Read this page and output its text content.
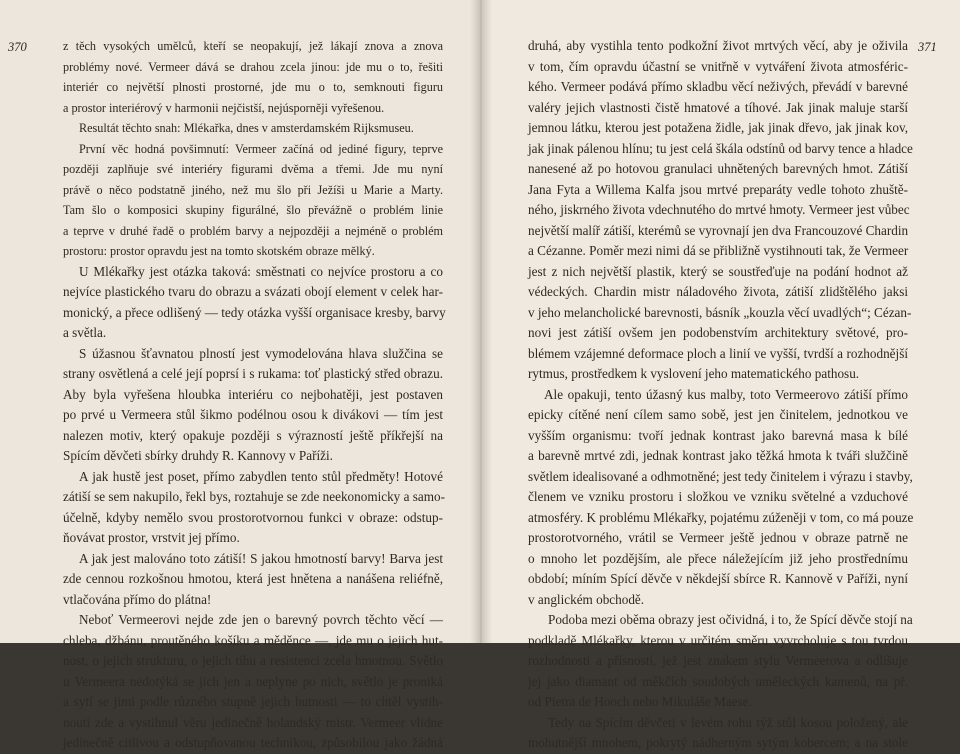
370	z těch vysokých umělců, kteří se neopakují, jež lákají znova a znova
problémy nové. Vermeer dává se drahou zcela jinou: jde mu o to, řešiti
interiér co největší plnosti prostorné, jde mu o to, semknouti figuru
a prostor interiérový v harmonii nejčistší, nejúsporněji vyřešenou.
Resultát těchto snah: Mlékařka, dnes v amsterdamském Rijksmuseu.
První věc hodná povšimnutí: Vermeer začíná od jediné figury, teprve
později zaplňuje své interiéry figurami dvěma a třemi. Jde mu nyní
právě o něco podstatně jiného, než mu šlo při Ježíši u Marie a Marty.
Tam šlo o komposici skupiny figurálné, šlo převážně o problém linie
a teprve v druhé řadě o problém barvy a nejpozději a nejméně o problém
prostoru: prostor opravdu jest na tomto skotském obraze mělký.
U Mlékařky jest otázka taková: směstnati co nejvíce prostoru a co
nejvíce plastického tvaru do obrazu a svázati obojí element v celek har-
monický, a přece odlišený — tedy otázka vyšší organisace kresby, barvy
a světla.
S úžasnou šťavnatou plností jest vymodelována hlava služčina se
strany osvětlená a celé její poprsí i s rukama: toť plastický střed obrazu.
Aby byla vyřešena hloubka interiéru co nejbohatěji, jest postaven
po prvé u Vermeera stůl šikmo podélnou osou k divákovi — tím jest
nalezen motiv, který opakuje později s výrazností ještě příkřejší na
Spícím děvčeti sbírky druhdy R. Kannovy v Paříži.
A jak hustě jest poset, přímo zabydlen tento stůl předměty! Hotové
zátiší se sem nakupilo, řekl bys, roztahuje se zde neekonomicky a samo-
účelně, kdyby nemělo svou prostorotvornou funkci v obraze: odstup-
ňovávat prostor, vrstvit jej přímo.
A jak jest malováno toto zátiší! S jakou hmotností barvy! Barva jest
zde cennou rozkošnou hmotou, která jest hnětena a nanášena reliéfně,
vtlačována přímo do plátna!
Neboť Vermeerovi nejde zde jen o barevný povrch těchto věcí —
chleba, džbánu, proutěného košíku a měděnce —, jde mu o jejich hut-
nost, o jejich strukturu, o jejich tíhu a resistenci zcela hmotnou. Světlo
u Vermeera nedotýká se jich jen a neplyne po nich, světlo je proniká
a sytí se jimi podle různého stupně jejich hutnosti — to chtěl vystih-
nouti zde a vystihnul věru jedinečně holandský mistr. Vermeer vlidne
jedinečně citlivou a odstupňovanou technikou, způsobilou jako žádná
371
druhá, aby vystihla tento podkožní život mrtvých věcí, aby je oživila
v tom, čím opravdu účastní se vnitřně v vytváření života atmosféric-
kého. Vermeer podává přímo skladbu věcí neživých, převádí v barevné
valéry jejich vlastnosti čistě hmatové a tíhové. Jak jinak maluje starší
jemnou látku, kterou jest potažena židle, jak jinak dřevo, jak jinak kov,
jak jinak pálenou hlínu; tu jest celá škála odstínů od barvy tence a hladce
nanesené až po hotovou granulaci uhnětených barevných hmot. Zátiší
Jana Fyta a Willema Kalfa jsou mrtvé preparáty vedle tohoto zhuště-
ného, jiskrného života vdechnutého do mrtvé hmoty. Vermeer jest vůbec
největší malíř zátiší, kterémů se vyrovnají jen dva Francouzové Chardin
a Cézanne. Poměr mezi nimi dá se přibližně vystihnouti tak, že Vermeer
jest z nich největší plastik, který se soustřeďuje na podání hodnot až
védeckých. Chardin mistr náladového života, zátiší zlidštělého jaksi
v jeho melancholické barevnosti, básník „kouzla věcí uvadlých“; Cézan-
novi jest zátiší ovšem jen podobenstvím architektury světové, pro-
blémem vzájemné deformace ploch a linií ve vyšší, tvrdší a rozhodnější
rytmus, prostředkem k vyslovení jeho matematického pathosu.
Ale opakuji, tento úžasný kus malby, toto Vermeerovo zátiší přímo
epicky cítěné není cílem samo sobě, jest jen činitelem, jednotkou ve
vyšším organismu: tvoří jednak kontrast jako barevná masa k bílé
a barevně mrtvé zdi, jednak kontrast jako těžká hmota k tváři služčině
světlem idealisované a odhmotněné; jest tedy činitelem i výrazu i stavby,
členem ve vzniku prostoru i složkou ve vzniku světelné a vzduchové
atmosféry. K problému Mlékařky, pojatému zúženěji v tom, co má pouze
prostorotvorného, vrátil se Vermeer ještě jednou v obraze patrně ne
o mnoho let pozdějším, ale přece náležejícím již jeho prostřednímu
období; míním Spící děvče v někdejší sbírce R. Kannově v Paříži, nyní
v anglickém obchodě.
Podoba mezi oběma obrazy jest očividná, i to, že Spící děvče stojí na
podkladě Mlékařky, kterou v určitém směru vyvrcholuje s tou tvrdou
rozhodností a přísností, jež jest znakem stylu Vermeerova a odlišuje
jej jako diamant od měkčích soudobých uměleckých kamenů, na př.
od Pietra de Hooch nebo Mikuláše Maese.
Tedy na Spícím děvčeti v levém rohu týž stůl kosou položený, ale
mohutnější mnohem, pokrytý nádherným sytým kobercem; a na stole
